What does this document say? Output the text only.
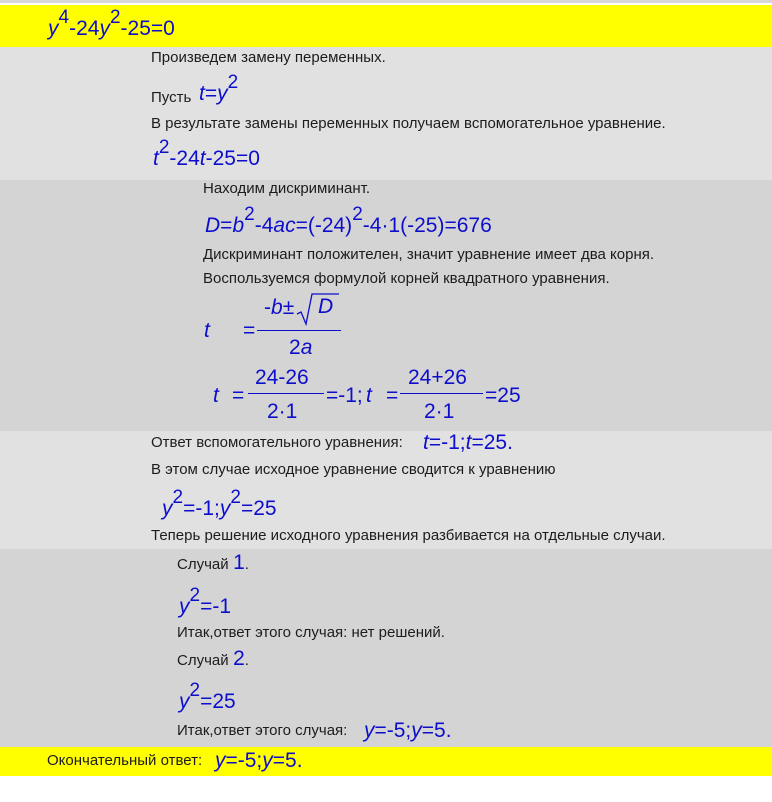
$y^4-24y^2-25=0$
Произведем замену переменных.
Пусть $t=y^2$
В результате замены переменных получаем вспомогательное уравнение.
$t^2-24t-25=0$
Находим дискриминант.
$D=b^2-4ac=(-24)^2-4\cdot 1(-25)=676$
Дискриминант положителен, значит уравнение имеет два корня.
Воспользуемся формулой корней квадратного уравнения.
t =
-b± D
2a
t =
24-26
2·1
=-1; t =
24+26
2·1
=25
Ответ вспомогательного уравнения: t=-1;t=25.
В этом случае исходное уравнение сводится к уравнению
$y^2=-1;y^2=25$
Теперь решение исходного уравнения разбивается на отдельные случаи.
Случай 1.
$y^2=-1$
Итак,ответ этого случая: нет решений.
Случай 2.
$y^2=25$
Итак,ответ этого случая: y=-5;y=5.
Окончательный ответ: y=-5;y=5.
